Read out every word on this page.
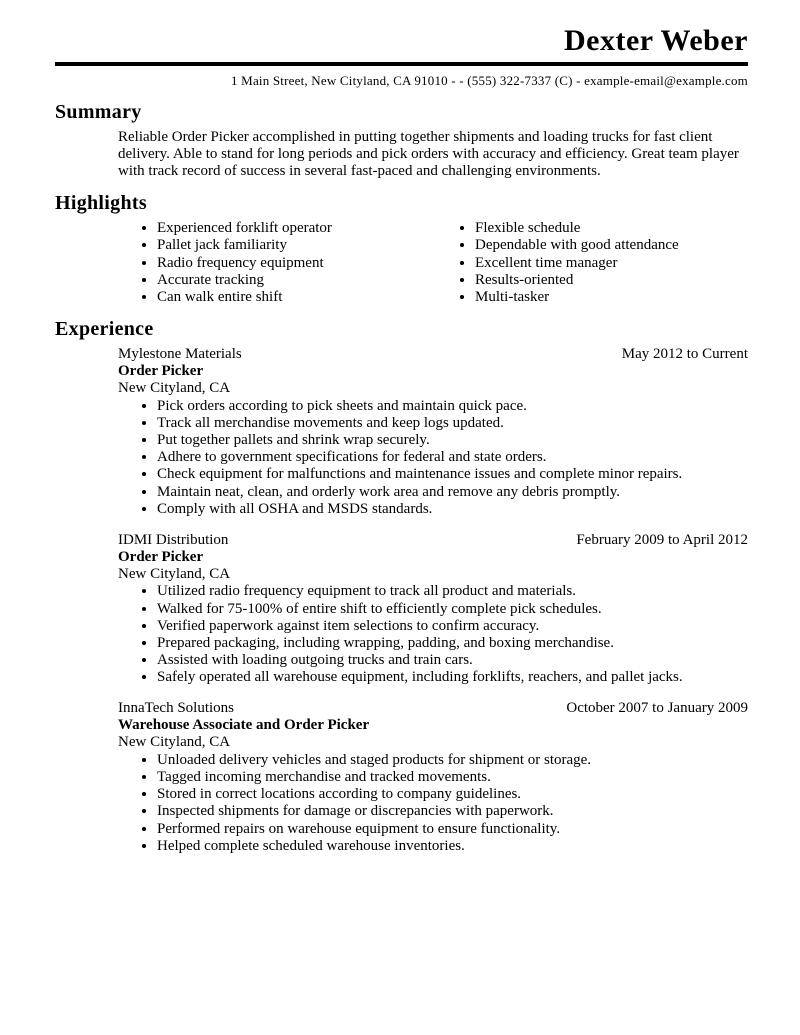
Dexter Weber
1 Main Street, New Cityland, CA 91010 - - (555) 322-7337 (C) - example-email@example.com
Summary

Reliable Order Picker accomplished in putting together shipments and loading trucks for fast client delivery. Able to stand for long periods and pick orders with accuracy and efficiency. Great team player with track record of success in several fast-paced and challenging environments.

Highlights
• Experienced forklift operator
• Pallet jack familiarity
• Radio frequency equipment
• Accurate tracking
• Can walk entire shift
• Flexible schedule
• Dependable with good attendance
• Excellent time manager
• Results-oriented
• Multi-tasker
Experience
Mylestone Materials	May 2012 to Current
Order Picker
New Cityland, CA
• Pick orders according to pick sheets and maintain quick pace.
• Track all merchandise movements and keep logs updated.
• Put together pallets and shrink wrap securely.
• Adhere to government specifications for federal and state orders.
• Check equipment for malfunctions and maintenance issues and complete minor repairs.
• Maintain neat, clean, and orderly work area and remove any debris promptly.
• Comply with all OSHA and MSDS standards.
IDMI Distribution	February 2009 to April 2012
Order Picker
New Cityland, CA
• Utilized radio frequency equipment to track all product and materials.
• Walked for 75-100% of entire shift to efficiently complete pick schedules.
• Verified paperwork against item selections to confirm accuracy.
• Prepared packaging, including wrapping, padding, and boxing merchandise.
• Assisted with loading outgoing trucks and train cars.
• Safely operated all warehouse equipment, including forklifts, reachers, and pallet jacks.
InnaTech Solutions	October 2007 to January 2009
Warehouse Associate and Order Picker
New Cityland, CA
• Unloaded delivery vehicles and staged products for shipment or storage.
• Tagged incoming merchandise and tracked movements.
• Stored in correct locations according to company guidelines.
• Inspected shipments for damage or discrepancies with paperwork.
• Performed repairs on warehouse equipment to ensure functionality.
• Helped complete scheduled warehouse inventories.
